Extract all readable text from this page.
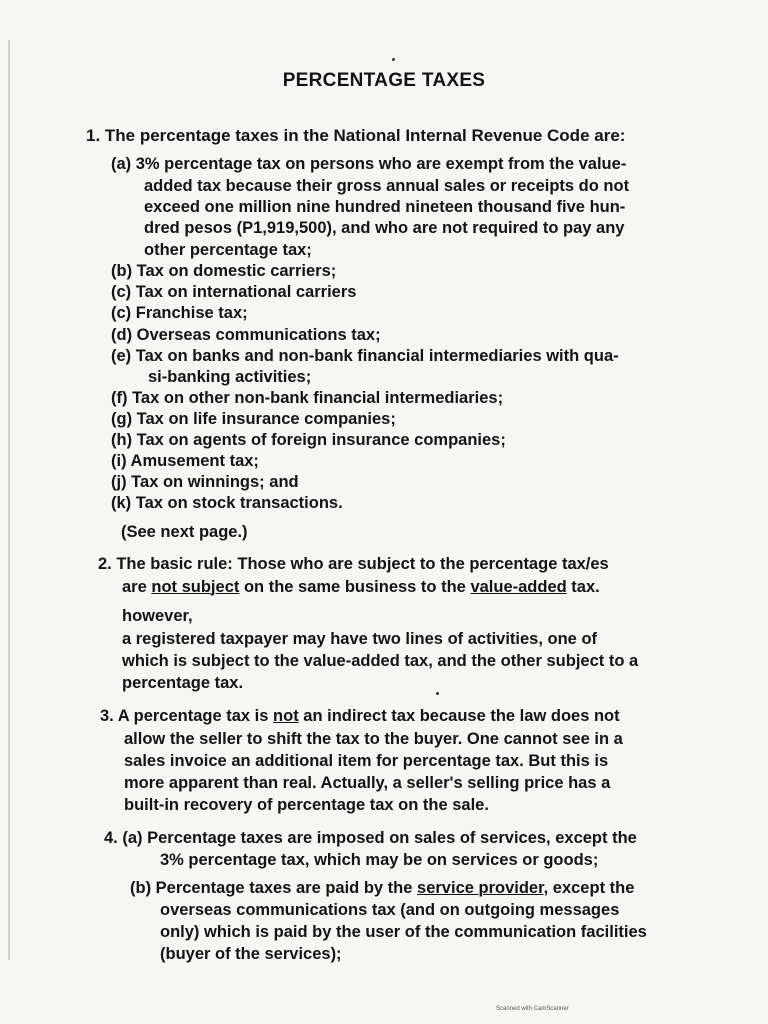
PERCENTAGE TAXES
1. The percentage taxes in the National Internal Revenue Code are:
(a) 3% percentage tax on persons who are exempt from the value-
added tax because their gross annual sales or receipts do not
exceed one million nine hundred nineteen thousand five hun-
dred pesos (P1,919,500), and who are not required to pay any
other percentage tax;
(b) Tax on domestic carriers;
(c) Tax on international carriers
(c) Franchise tax;
(d) Overseas communications tax;
(e) Tax on banks and non-bank financial intermediaries with qua-
si-banking activities;
(f) Tax on other non-bank financial intermediaries;
(g) Tax on life insurance companies;
(h) Tax on agents of foreign insurance companies;
(i) Amusement tax;
(j) Tax on winnings; and
(k) Tax on stock transactions.
(See next page.)
2. The basic rule: Those who are subject to the percentage tax/es
are not subject on the same business to the value-added tax.
however,
a registered taxpayer may have two lines of activities, one of
which is subject to the value-added tax, and the other subject to a
percentage tax.
3. A percentage tax is not an indirect tax because the law does not
allow the seller to shift the tax to the buyer. One cannot see in a
sales invoice an additional item for percentage tax. But this is
more apparent than real. Actually, a seller's selling price has a
built-in recovery of percentage tax on the sale.
4. (a) Percentage taxes are imposed on sales of services, except the
3% percentage tax, which may be on services or goods;
(b) Percentage taxes are paid by the service provider, except the
overseas communications tax (and on outgoing messages
only) which is paid by the user of the communication facilities
(buyer of the services);
Scanned with CamScanner
